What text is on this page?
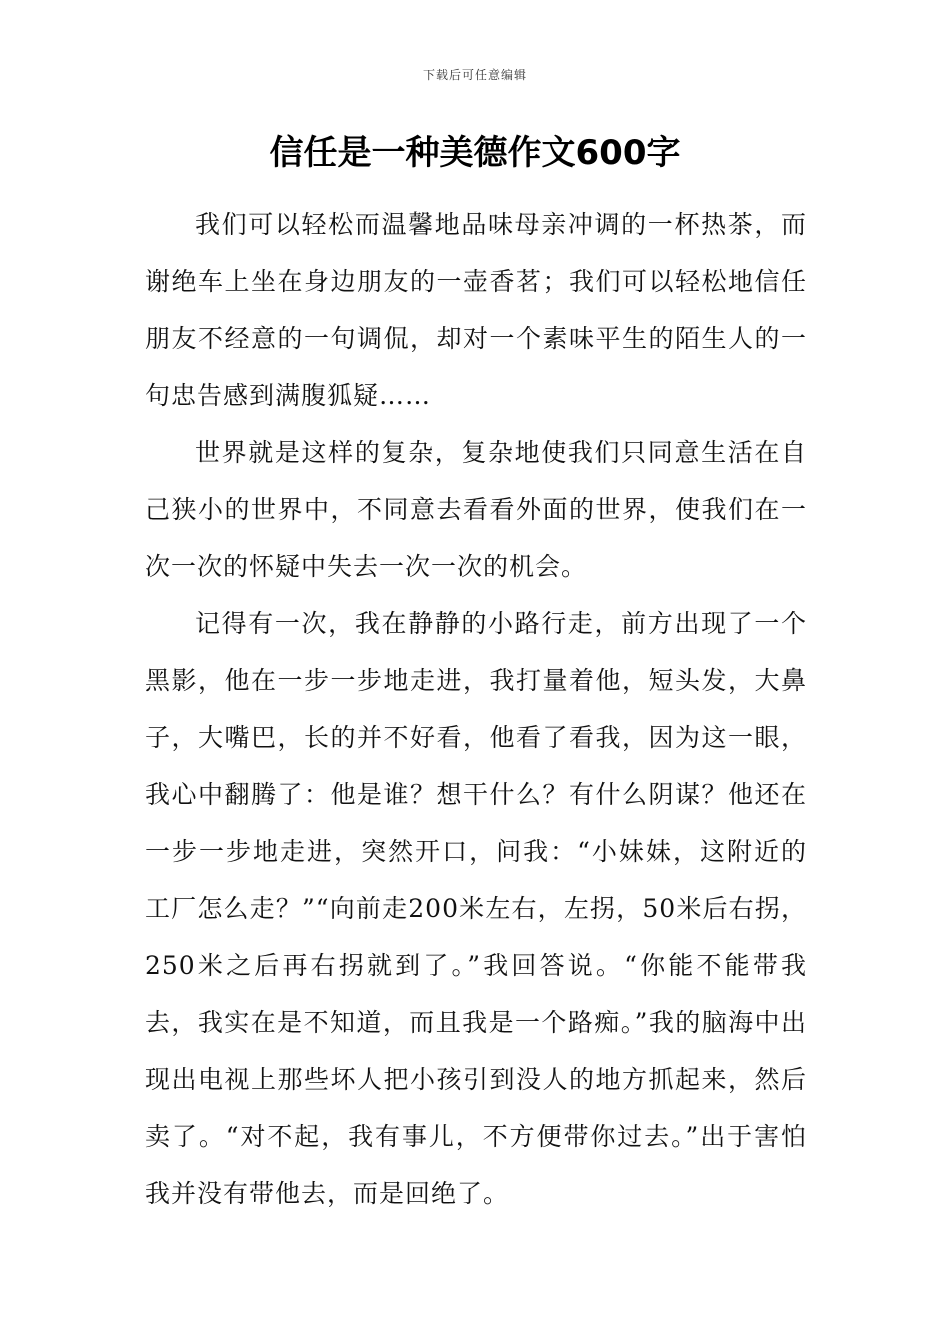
下载后可任意编辑
信任是一种美德作文600字

我们可以轻松而温馨地品味母亲冲调的一杯热茶，而谢绝车上坐在身边朋友的一壶香茗；我们可以轻松地信任朋友不经意的一句调侃，却对一个素味平生的陌生人的一句忠告感到满腹狐疑……

世界就是这样的复杂，复杂地使我们只同意生活在自己狭小的世界中，不同意去看看外面的世界，使我们在一次一次的怀疑中失去一次一次的机会。

记得有一次，我在静静的小路行走，前方出现了一个黑影，他在一步一步地走进，我打量着他，短头发，大鼻子，大嘴巴，长的并不好看，他看了看我，因为这一眼，我心中翻腾了：他是谁？想干什么？有什么阴谋？他还在一步一步地走进，突然开口，问我：“小妹妹，这附近的工厂怎么走？”“向前走200米左右，左拐，50米后右拐，250米之后再右拐就到了。”我回答说。“你能不能带我去，我实在是不知道，而且我是一个路痴。”我的脑海中出现出电视上那些坏人把小孩引到没人的地方抓起来，然后卖了。“对不起，我有事儿，不方便带你过去。”出于害怕我并没有带他去，而是回绝了。
